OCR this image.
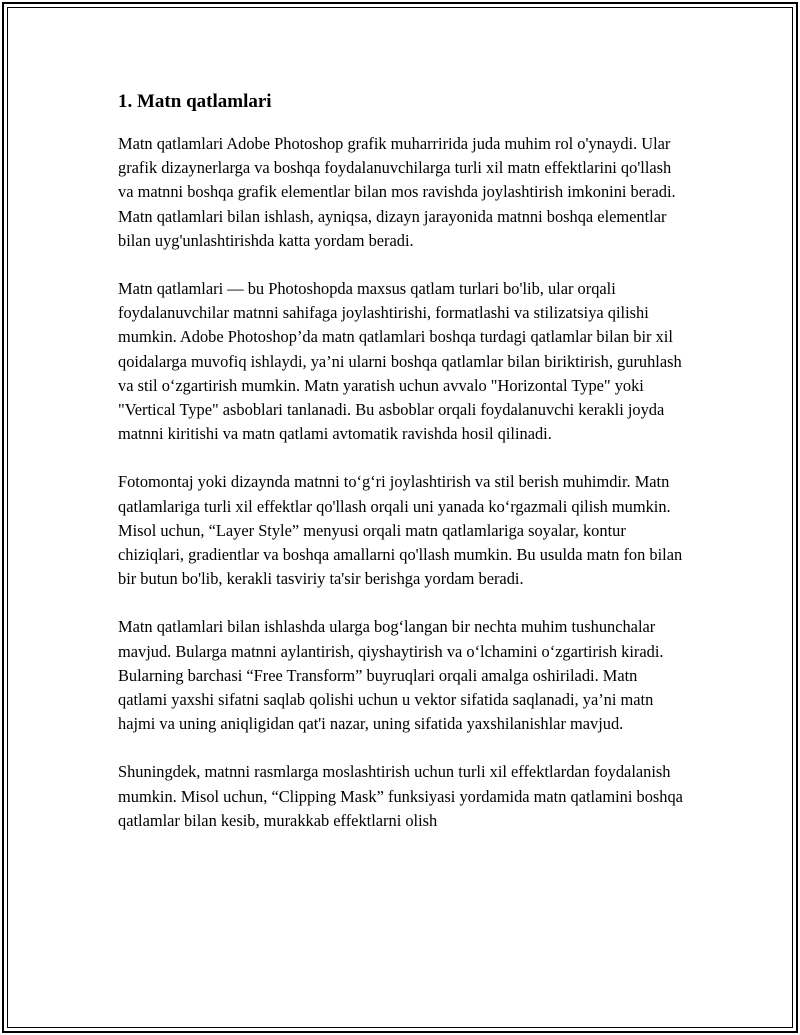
1. Matn qatlamlari

Matn qatlamlari Adobe Photoshop grafik muharririda juda muhim rol o'ynaydi. Ular grafik dizaynerlarga va boshqa foydalanuvchilarga turli xil matn effektlarini qo'llash va matnni boshqa grafik elementlar bilan mos ravishda joylashtirish imkonini beradi. Matn qatlamlari bilan ishlash, ayniqsa, dizayn jarayonida matnni boshqa elementlar bilan uyg'unlashtirishda katta yordam beradi.

Matn qatlamlari — bu Photoshopda maxsus qatlam turlari bo'lib, ular orqali foydalanuvchilar matnni sahifaga joylashtirishi, formatlashi va stilizatsiya qilishi mumkin. Adobe Photoshop’da matn qatlamlari boshqa turdagi qatlamlar bilan bir xil qoidalarga muvofiq ishlaydi, ya’ni ularni boshqa qatlamlar bilan biriktirish, guruhlash va stil o‘zgartirish mumkin. Matn yaratish uchun avvalo "Horizontal Type" yoki "Vertical Type" asboblari tanlanadi. Bu asboblar orqali foydalanuvchi kerakli joyda matnni kiritishi va matn qatlami avtomatik ravishda hosil qilinadi.

Fotomontaj yoki dizaynda matnni to‘g‘ri joylashtirish va stil berish muhimdir. Matn qatlamlariga turli xil effektlar qo'llash orqali uni yanada ko‘rgazmali qilish mumkin. Misol uchun, “Layer Style” menyusi orqali matn qatlamlariga soyalar, kontur chiziqlari, gradientlar va boshqa amallarni qo'llash mumkin. Bu usulda matn fon bilan bir butun bo'lib, kerakli tasviriy ta'sir berishga yordam beradi.

Matn qatlamlari bilan ishlashda ularga bog‘langan bir nechta muhim tushunchalar mavjud. Bularga matnni aylantirish, qiyshaytirish va o‘lchamini o‘zgartirish kiradi. Bularning barchasi “Free Transform” buyruqlari orqali amalga oshiriladi. Matn qatlami yaxshi sifatni saqlab qolishi uchun u vektor sifatida saqlanadi, ya’ni matn hajmi va uning aniqligidan qat'i nazar, uning sifatida yaxshilanishlar mavjud.

Shuningdek, matnni rasmlarga moslashtirish uchun turli xil effektlardan foydalanish mumkin. Misol uchun, “Clipping Mask” funksiyasi yordamida matn qatlamini boshqa qatlamlar bilan kesib, murakkab effektlarni olish
